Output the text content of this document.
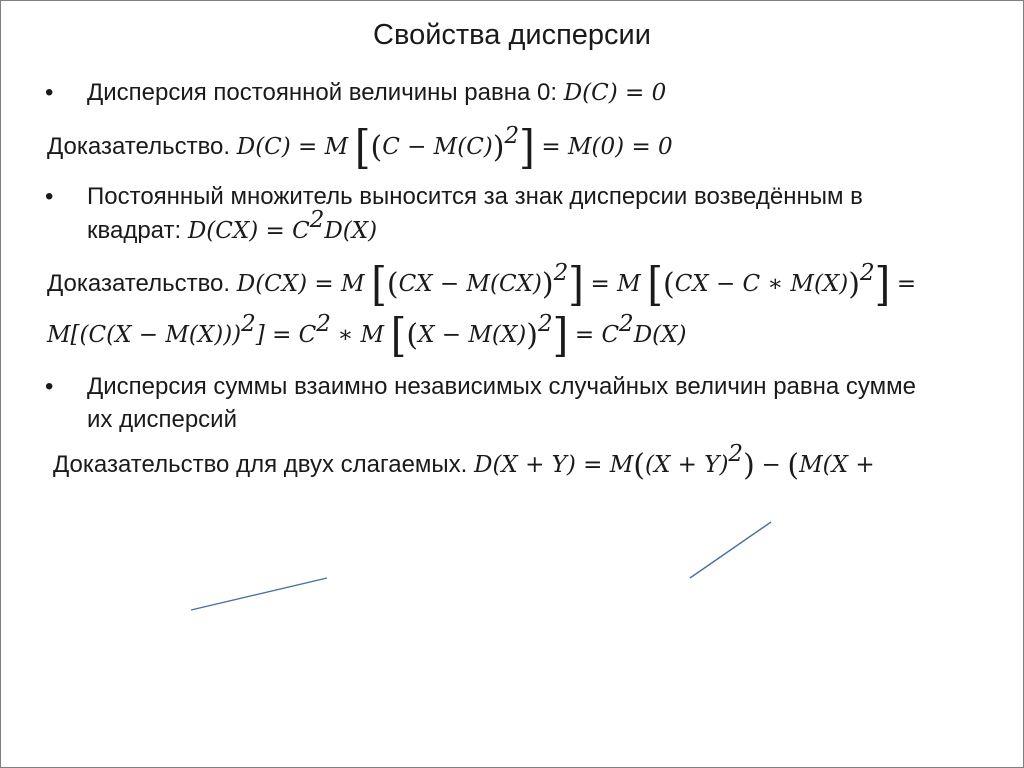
Свойства дисперсии
• Дисперсия постоянной величины равна 0: D(C) = 0
Доказательство. D(C) = M $[(C - M(C))^2] = M(0) = 0$
• Постоянный множитель выносится за знак дисперсии возведённым в
квадрат: $D(CX) = C^2D(X)$
Доказательство. D(CX) = M [(CX − M(CX))$^2$] = M [(CX − C ∗ M(X))$^2$] =
$M[(C(X - M(X)))^2] = C^2$ ∗ M $[(X - M(X))^2] = C^2D(X)$
• Дисперсия суммы взаимно независимых случайных величин равна сумме
их дисперсий
Доказательство для двух слагаемых. $D(X + Y) = M((X + Y)^2) - (M(X$ +
